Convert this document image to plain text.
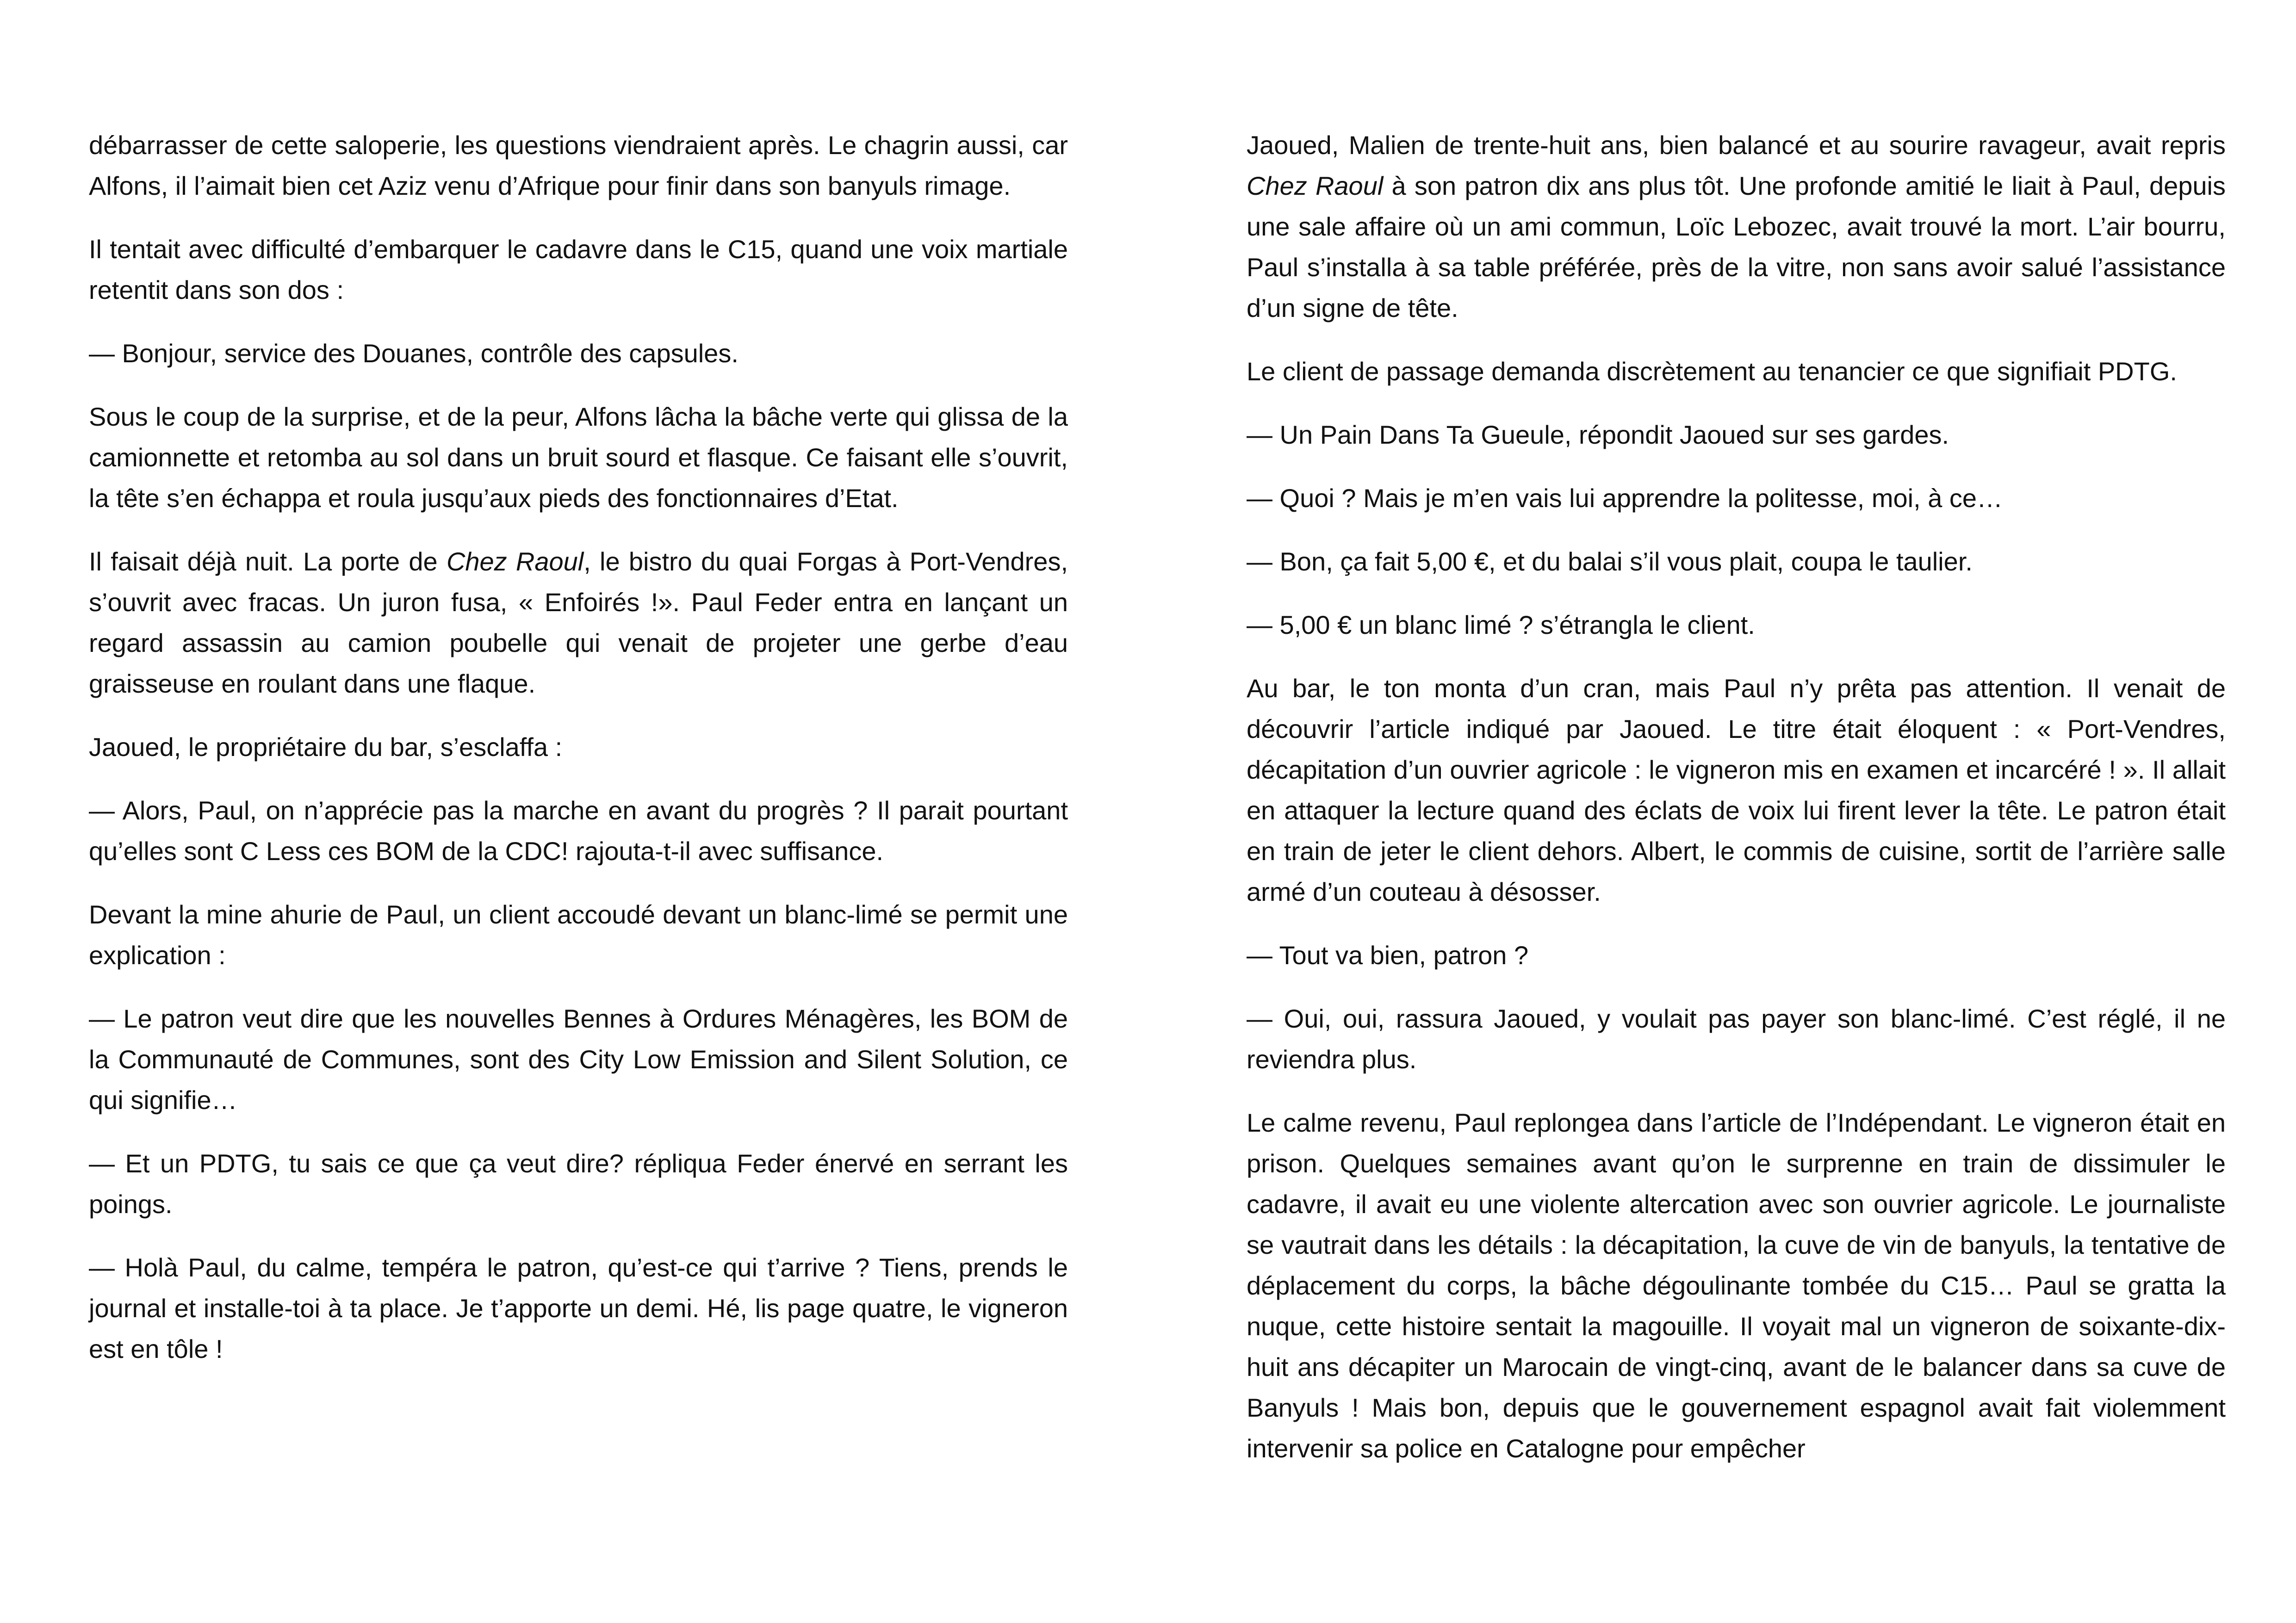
débarrasser de cette saloperie, les questions viendraient après. Le chagrin aussi, car Alfons, il l’aimait bien cet Aziz venu d’Afrique pour finir dans son banyuls rimage.

Il tentait avec difficulté d’embarquer le cadavre dans le C15, quand une voix martiale retentit dans son dos :

— Bonjour, service des Douanes, contrôle des capsules.

Sous le coup de la surprise, et de la peur, Alfons lâcha la bâche verte qui glissa de la camionnette et retomba au sol dans un bruit sourd et flasque. Ce faisant elle s’ouvrit, la tête s’en échappa et roula jusqu’aux pieds des fonctionnaires d’Etat.

Il faisait déjà nuit. La porte de Chez Raoul, le bistro du quai Forgas à Port-Vendres, s’ouvrit avec fracas. Un juron fusa, « Enfoirés !». Paul Feder entra en lançant un regard assassin au camion poubelle qui venait de projeter une gerbe d’eau graisseuse en roulant dans une flaque.

Jaoued, le propriétaire du bar, s’esclaffa :

— Alors, Paul, on n’apprécie pas la marche en avant du progrès ? Il parait pourtant qu’elles sont C Less ces BOM de la CDC! rajouta-t-il avec suffisance.

Devant la mine ahurie de Paul, un client accoudé devant un blanc-limé se permit une explication :

— Le patron veut dire que les nouvelles Bennes à Ordures Ménagères, les BOM de la Communauté de Communes, sont des City Low Emission and Silent Solution, ce qui signifie…

— Et un PDTG, tu sais ce que ça veut dire? répliqua Feder énervé en serrant les poings.

— Holà Paul, du calme, tempéra le patron, qu’est-ce qui t’arrive ? Tiens, prends le journal et installe-toi à ta place. Je t’apporte un demi. Hé, lis page quatre, le vigneron est en tôle !

Jaoued, Malien de trente-huit ans, bien balancé et au sourire ravageur, avait repris Chez Raoul à son patron dix ans plus tôt. Une profonde amitié le liait à Paul, depuis une sale affaire où un ami commun, Loïc Lebozec, avait trouvé la mort. L’air bourru, Paul s’installa à sa table préférée, près de la vitre, non sans avoir salué l’assistance d’un signe de tête.

Le client de passage demanda discrètement au tenancier ce que signifiait PDTG.

— Un Pain Dans Ta Gueule, répondit Jaoued sur ses gardes.

— Quoi ? Mais je m’en vais lui apprendre la politesse, moi, à ce…

— Bon, ça fait 5,00 €, et du balai s’il vous plait, coupa le taulier.

— 5,00 € un blanc limé ? s’étrangla le client.

Au bar, le ton monta d’un cran, mais Paul n’y prêta pas attention. Il venait de découvrir l’article indiqué par Jaoued. Le titre était éloquent : « Port-Vendres, décapitation d’un ouvrier agricole : le vigneron mis en examen et incarcéré ! ». Il allait en attaquer la lecture quand des éclats de voix lui firent lever la tête. Le patron était en train de jeter le client dehors. Albert, le commis de cuisine, sortit de l’arrière salle armé d’un couteau à désosser.

— Tout va bien, patron ?

— Oui, oui, rassura Jaoued, y voulait pas payer son blanc-limé. C’est réglé, il ne reviendra plus.

Le calme revenu, Paul replongea dans l’article de l’Indépendant. Le vigneron était en prison. Quelques semaines avant qu’on le surprenne en train de dissimuler le cadavre, il avait eu une violente altercation avec son ouvrier agricole. Le journaliste se vautrait dans les détails : la décapitation, la cuve de vin de banyuls, la tentative de déplacement du corps, la bâche dégoulinante tombée du C15… Paul se gratta la nuque, cette histoire sentait la magouille. Il voyait mal un vigneron de soixante-dix-huit ans décapiter un Marocain de vingt-cinq, avant de le balancer dans sa cuve de Banyuls ! Mais bon, depuis que le gouvernement espagnol avait fait violemment intervenir sa police en Catalogne pour empêcher
